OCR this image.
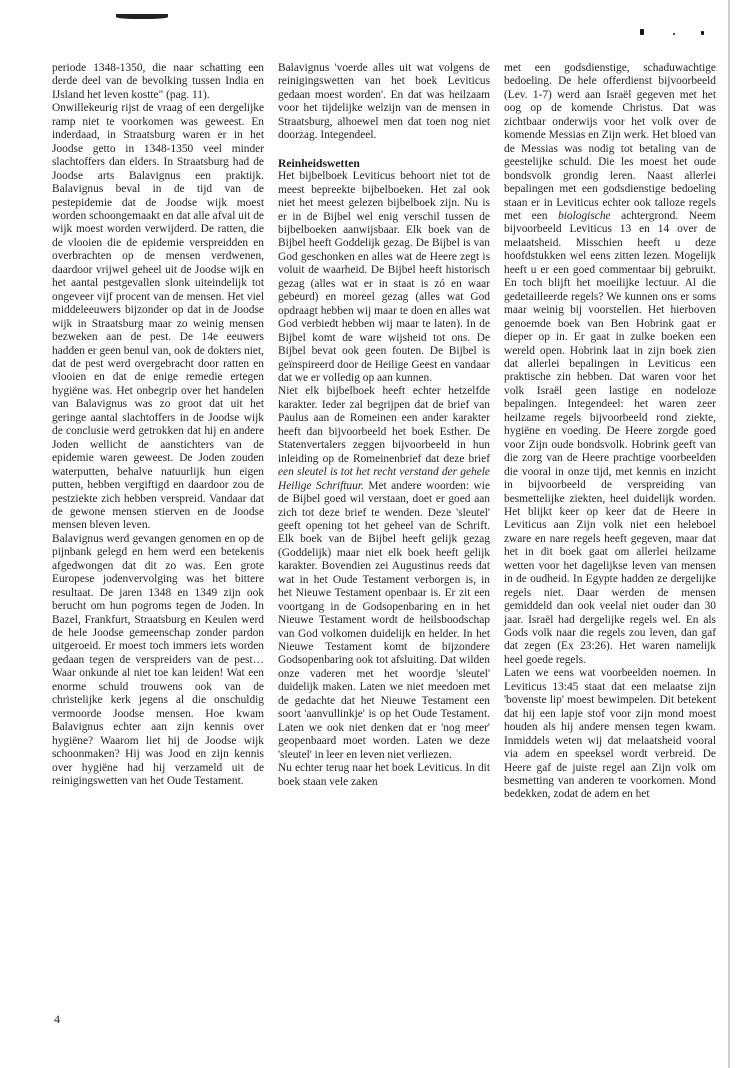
periode 1348-1350, die naar schatting een derde deel van de bevolking tussen India en IJsland het leven kostte" (pag. 11).

Onwillekeurig rijst de vraag of een dergelijke ramp niet te voorkomen was geweest. En inderdaad, in Straatsburg waren er in het Joodse getto in 1348-1350 veel minder slachtoffers dan elders. In Straatsburg had de Joodse arts Balavignus een praktijk. Balavignus beval in de tijd van de pestepidemie dat de Joodse wijk moest worden schoongemaakt en dat alle afval uit de wijk moest worden verwijderd. De ratten, die de vlooien die de epidemie verspreidden en overbrachten op de mensen verdwenen, daardoor vrijwel geheel uit de Joodse wijk en het aantal pestgevallen slonk uiteindelijk tot ongeveer vijf procent van de mensen. Het viel middeleeuwers bijzonder op dat in de Joodse wijk in Straatsburg maar zo weinig mensen bezweken aan de pest. De 14e eeuwers hadden er geen benul van, ook de dokters niet, dat de pest werd overgebracht door ratten en vlooien en dat de enige remedie ertegen hygiëne was. Het onbegrip over het handelen van Balavignus was zo groot dat uit het geringe aantal slachtoffers in de Joodse wijk de conclusie werd getrokken dat hij en andere Joden wellicht de aanstichters van de epidemie waren geweest. De Joden zouden waterputten, behalve natuurlijk hun eigen putten, hebben vergiftigd en daardoor zou de pestziekte zich hebben verspreid. Vandaar dat de gewone mensen stierven en de Joodse mensen bleven leven.

Balavignus werd gevangen genomen en op de pijnbank gelegd en hem werd een betekenis afgedwongen dat dit zo was. Een grote Europese jodenvervolging was het bittere resultaat. De jaren 1348 en 1349 zijn ook berucht om hun pogroms tegen de Joden. In Bazel, Frankfurt, Straatsburg en Keulen werd de hele Joodse gemeenschap zonder pardon uitgeroeid. Er moest toch immers iets worden gedaan tegen de verspreiders van de pest… Waar onkunde al niet toe kan leiden! Wat een enorme schuld trouwens ook van de christelijke kerk jegens al die onschuldig vermoorde Joodse mensen. Hoe kwam Balavignus echter aan zijn kennis over hygiëne? Waarom liet hij de Joodse wijk schoonmaken? Hij was Jood en zijn kennis over hygiëne had hij verzameld uit de reinigingswetten van het Oude Testament.

Balavignus 'voerde alles uit wat volgens de reinigingswetten van het boek Leviticus gedaan moest worden'. En dat was heilzaam voor het tijdelijke welzijn van de mensen in Straatsburg, alhoewel men dat toen nog niet doorzag. Integendeel.

Reinheidswetten

Het bijbelboek Leviticus behoort niet tot de meest bepreekte bijbelboeken. Het zal ook niet het meest gelezen bijbelboek zijn. Nu is er in de Bijbel wel enig verschil tussen de bijbelboeken aanwijsbaar. Elk boek van de Bijbel heeft Goddelijk gezag. De Bijbel is van God geschonken en alles wat de Heere zegt is voluit de waarheid. De Bijbel heeft historisch gezag (alles wat er in staat is zó en waar gebeurd) en moreel gezag (alles wat God opdraagt hebben wij maar te doen en alles wat God verbiedt hebben wij maar te laten). In de Bijbel komt de ware wijsheid tot ons. De Bijbel bevat ook geen fouten. De Bijbel is geïnspireerd door de Heilige Geest en vandaar dat we er volledig op aan kunnen.

Niet elk bijbelboek heeft echter hetzelfde karakter. Ieder zal begrijpen dat de brief van Paulus aan de Romeinen een ander karakter heeft dan bijvoorbeeld het boek Esther. De Statenvertalers zeggen bijvoorbeeld in hun inleiding op de Romeinenbrief dat deze brief een sleutel is tot het recht verstand der gehele Heilige Schriftuur. Met andere woorden: wie de Bijbel goed wil verstaan, doet er goed aan zich tot deze brief te wenden. Deze 'sleutel' geeft opening tot het geheel van de Schrift. Elk boek van de Bijbel heeft gelijk gezag (Goddelijk) maar niet elk boek heeft gelijk karakter. Bovendien zei Augustinus reeds dat wat in het Oude Testament verborgen is, in het Nieuwe Testament openbaar is. Er zit een voortgang in de Godsopenbaring en in het Nieuwe Testament wordt de heilsboodschap van God volkomen duidelijk en helder. In het Nieuwe Testament komt de bijzondere Godsopenbaring ook tot afsluiting. Dat wilden onze vaderen met het woordje 'sleutel' duidelijk maken. Laten we niet meedoen met de gedachte dat het Nieuwe Testament een soort 'aanvullinkje' is op het Oude Testament. Laten we ook niet denken dat er 'nog meer' geopenbaard moet worden. Laten we deze 'sleutel' in leer en leven niet verliezen.

Nu echter terug naar het boek Leviticus. In dit boek staan vele zaken

met een godsdienstige, schaduwachtige bedoeling. De hele offerdienst bijvoorbeeld (Lev. 1-7) werd aan Israël gegeven met het oog op de komende Christus. Dat was zichtbaar onderwijs voor het volk over de komende Messias en Zijn werk. Het bloed van de Messias was nodig tot betaling van de geestelijke schuld. Die les moest het oude bondsvolk grondig leren. Naast allerlei bepalingen met een godsdienstige bedoeling staan er in Leviticus echter ook talloze regels met een biologische achtergrond. Neem bijvoorbeeld Leviticus 13 en 14 over de melaatsheid. Misschien heeft u deze hoofdstukken wel eens zitten lezen. Mogelijk heeft u er een goed commentaar bij gebruikt. En toch blijft het moeilijke lectuur. Al die gedetailleerde regels? We kunnen ons er soms maar weinig bij voorstellen. Het hierboven genoemde boek van Ben Hobrink gaat er dieper op in. Er gaat in zulke boeken een wereld open. Hobrink laat in zijn boek zien dat allerlei bepalingen in Leviticus een praktische zin hebben. Dat waren voor het volk Israël geen lastige en nodeloze bepalingen. Integendeel: het waren zeer heilzame regels bijvoorbeeld rond ziekte, hygiëne en voeding. De Heere zorgde goed voor Zijn oude bondsvolk. Hobrink geeft van die zorg van de Heere prachtige voorbeelden die vooral in onze tijd, met kennis en inzicht in bijvoorbeeld de verspreiding van besmettelijke ziekten, heel duidelijk worden. Het blijkt keer op keer dat de Heere in Leviticus aan Zijn volk niet een heleboel zware en nare regels heeft gegeven, maar dat het in dit boek gaat om allerlei heilzame wetten voor het dagelijkse leven van mensen in de oudheid. In Egypte hadden ze dergelijke regels niet. Daar werden de mensen gemiddeld dan ook veelal niet ouder dan 30 jaar. Israël had dergelijke regels wel. En als Gods volk naar die regels zou leven, dan gaf dat zegen (Ex 23:26). Het waren namelijk heel goede regels.

Laten we eens wat voorbeelden noemen. In Leviticus 13:45 staat dat een melaatse zijn 'bovenste lip' moest bewimpelen. Dit betekent dat hij een lapje stof voor zijn mond moest houden als hij andere mensen tegen kwam. Inmiddels weten wij dat melaatsheid vooral via adem en speeksel wordt verbreid. De Heere gaf de juiste regel aan Zijn volk om besmetting van anderen te voorkomen. Mond bedekken, zodat de adem en het

4
